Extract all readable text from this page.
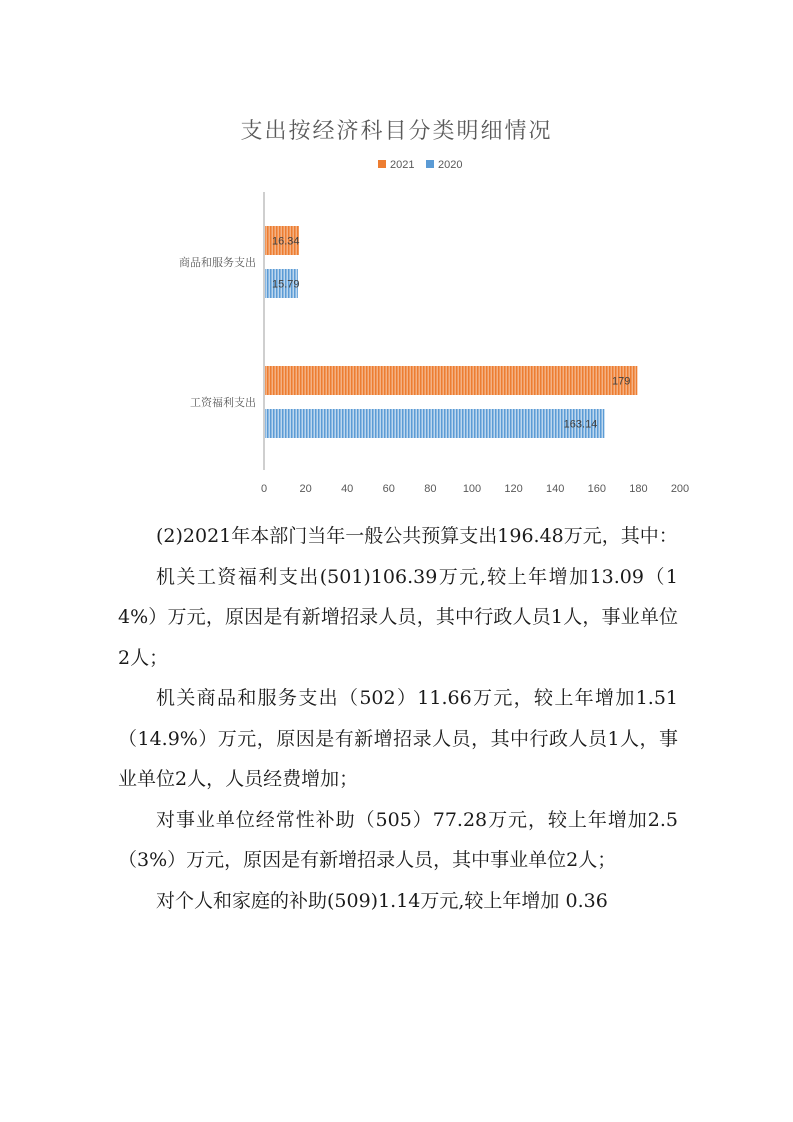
支出按经济科目分类明细情况
2021 2020
16.34
15.79
179
163.14
商品和服务支出
工资福利支出
0	20	40	60	80 100 120 140 160 180 200

(2)2021年本部门当年一般公共预算支出196.48万元，其中：

机关工资福利支出(501)106.39万元,较上年增加13.09（14%）万元，原因是有新增招录人员，其中行政人员1人，事业单位2人；

机关商品和服务支出（502）11.66万元，较上年增加1.51（14.9%）万元，原因是有新增招录人员，其中行政人员1人，事业单位2人，人员经费增加；

对事业单位经常性补助（505）77.28万元，较上年增加2.5（3%）万元，原因是有新增招录人员，其中事业单位2人；

对个人和家庭的补助(509)1.14万元,较上年增加 0.36
